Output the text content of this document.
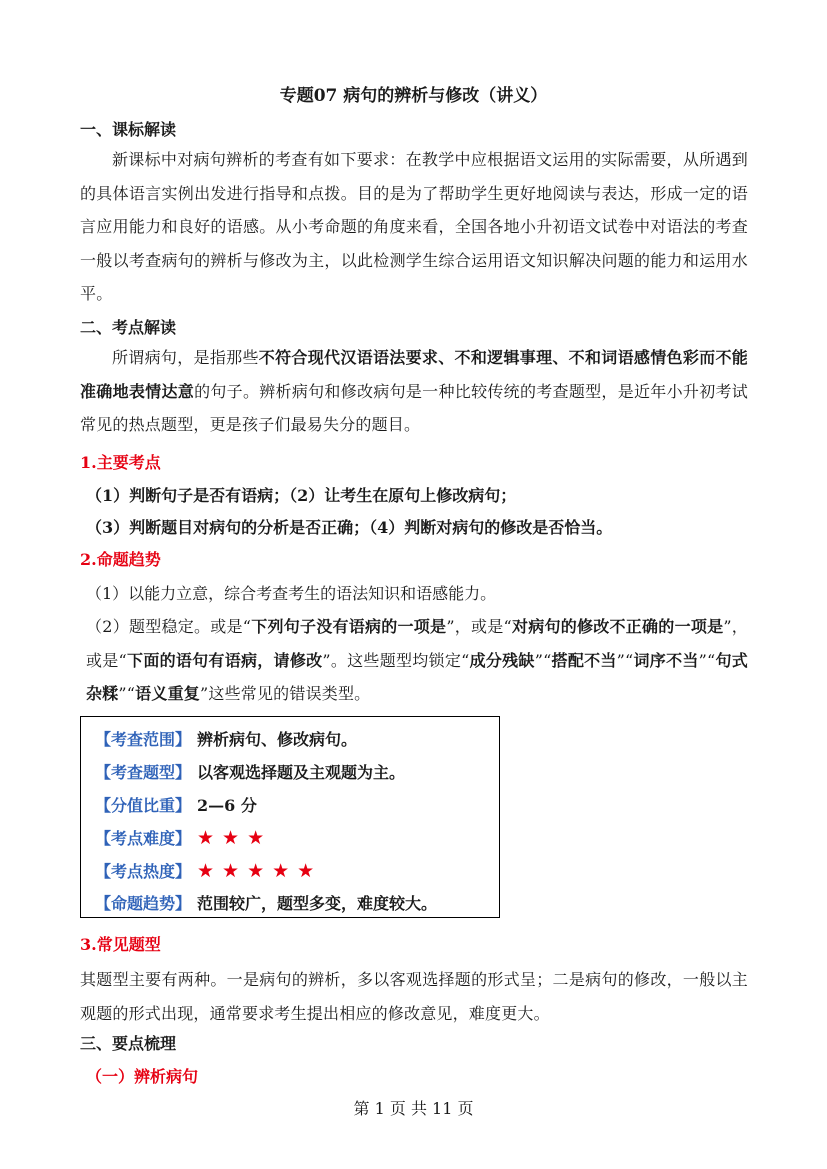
专题07 病句的辨析与修改（讲义）
一、课标解读

新课标中对病句辨析的考查有如下要求：在教学中应根据语文运用的实际需要，从所遇到的具体语言实例出发进行指导和点拨。目的是为了帮助学生更好地阅读与表达，形成一定的语言应用能力和良好的语感。从小考命题的角度来看，全国各地小升初语文试卷中对语法的考查一般以考查病句的辨析与修改为主，以此检测学生综合运用语文知识解决问题的能力和运用水平。

二、考点解读

所谓病句，是指那些不符合现代汉语语法要求、不和逻辑事理、不和词语感情色彩而不能准确地表情达意的句子。辨析病句和修改病句是一种比较传统的考查题型，是近年小升初考试常见的热点题型，更是孩子们最易失分的题目。

1.主要考点
（1）判断句子是否有语病；（2）让考生在原句上修改病句；
（3）判断题目对病句的分析是否正确；（4）判断对病句的修改是否恰当。
2.命题趋势
（1）以能力立意，综合考查考生的语法知识和语感能力。

（2）题型稳定。或是“下列句子没有语病的一项是”，或是“对病句的修改不正确的一项是”，或是“下面的语句有语病，请修改”。这些题型均锁定“成分残缺”“搭配不当”“词序不当”“句式杂糅”“语义重复”这些常见的错误类型。

【考查范围】 辨析病句、修改病句。
【考查题型】 以客观选择题及主观题为主。
【分值比重】 2—6 分
【考点难度】 ★★★
【考点热度】 ★★★★★
【命题趋势】 范围较广，题型多变，难度较大。
3.常见题型

其题型主要有两种。一是病句的辨析，多以客观选择题的形式呈；二是病句的修改，一般以主观题的形式出现，通常要求考生提出相应的修改意见，难度更大。

三、要点梳理
（一）辨析病句
第 1 页 共 11 页
